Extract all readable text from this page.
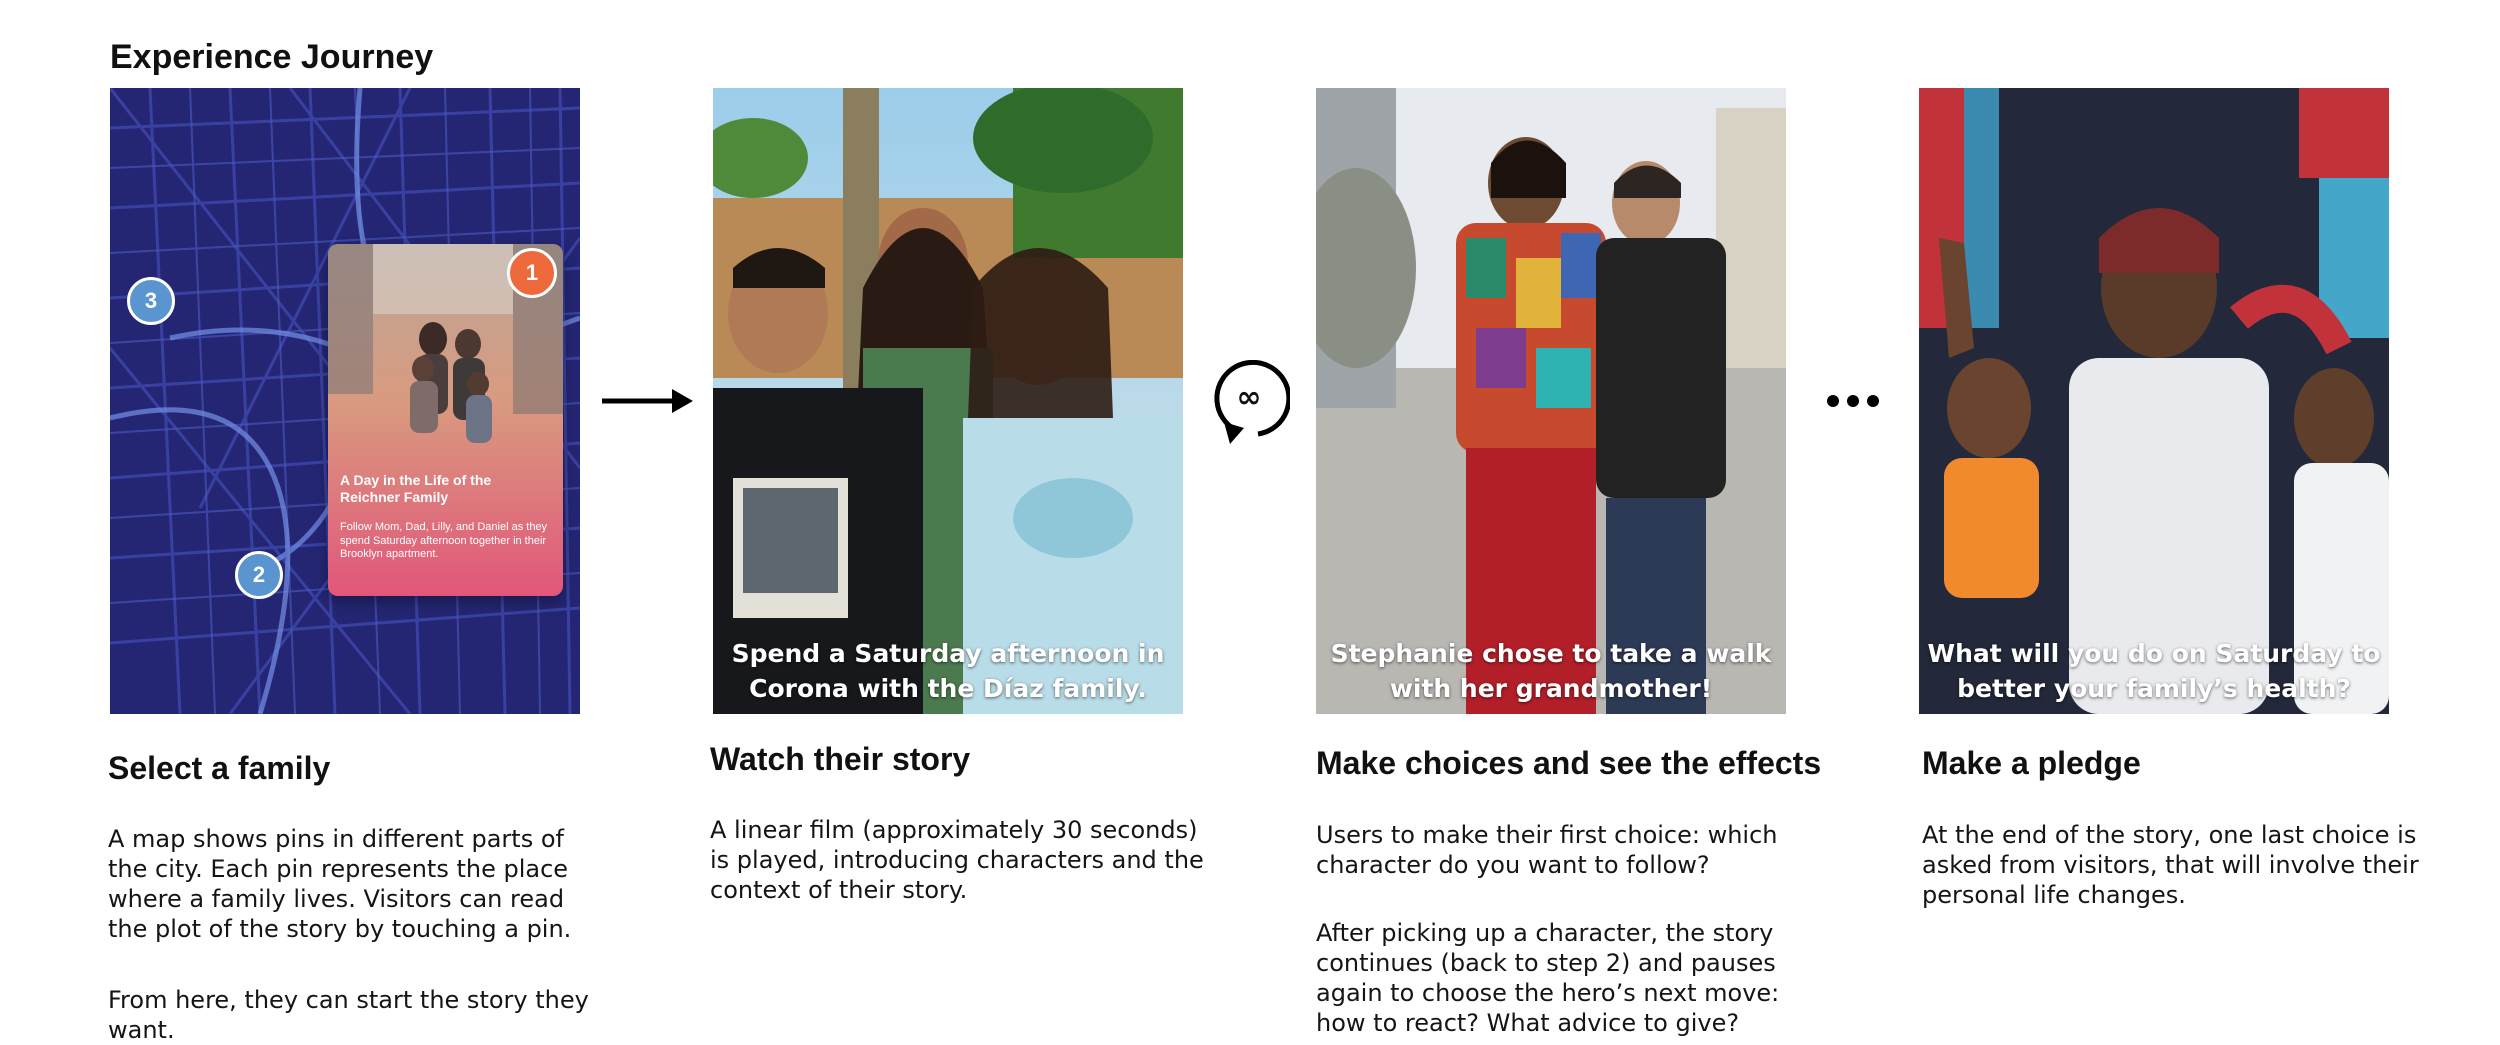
Experience Journey
3
2
A Day in the Life of the Reichner Family
Follow Mom, Dad, Lilly, and Daniel as they spend Saturday afternoon together in their Brooklyn apartment.
1
Spend a Saturday afternoon in Corona with the Díaz family.
∞
Stephanie chose to take a walk with her grandmother!
What will you do on Saturday to better your family’s health?
Select a family

A map shows pins in different parts of the city. Each pin represents the place where a family lives. Visitors can read the plot of the story by touching a pin.

From here, they can start the story they want.

Watch their story

A linear film (approximately 30 seconds) is played, introducing characters and the context of their story.

Make choices and see the effects

Users to make their first choice: which character do you want to follow?

After picking up a character, the story continues (back to step 2) and pauses again to choose the hero’s next move: how to react? What advice to give?

Make a pledge

At the end of the story, one last choice is asked from visitors, that will involve their personal life changes.
